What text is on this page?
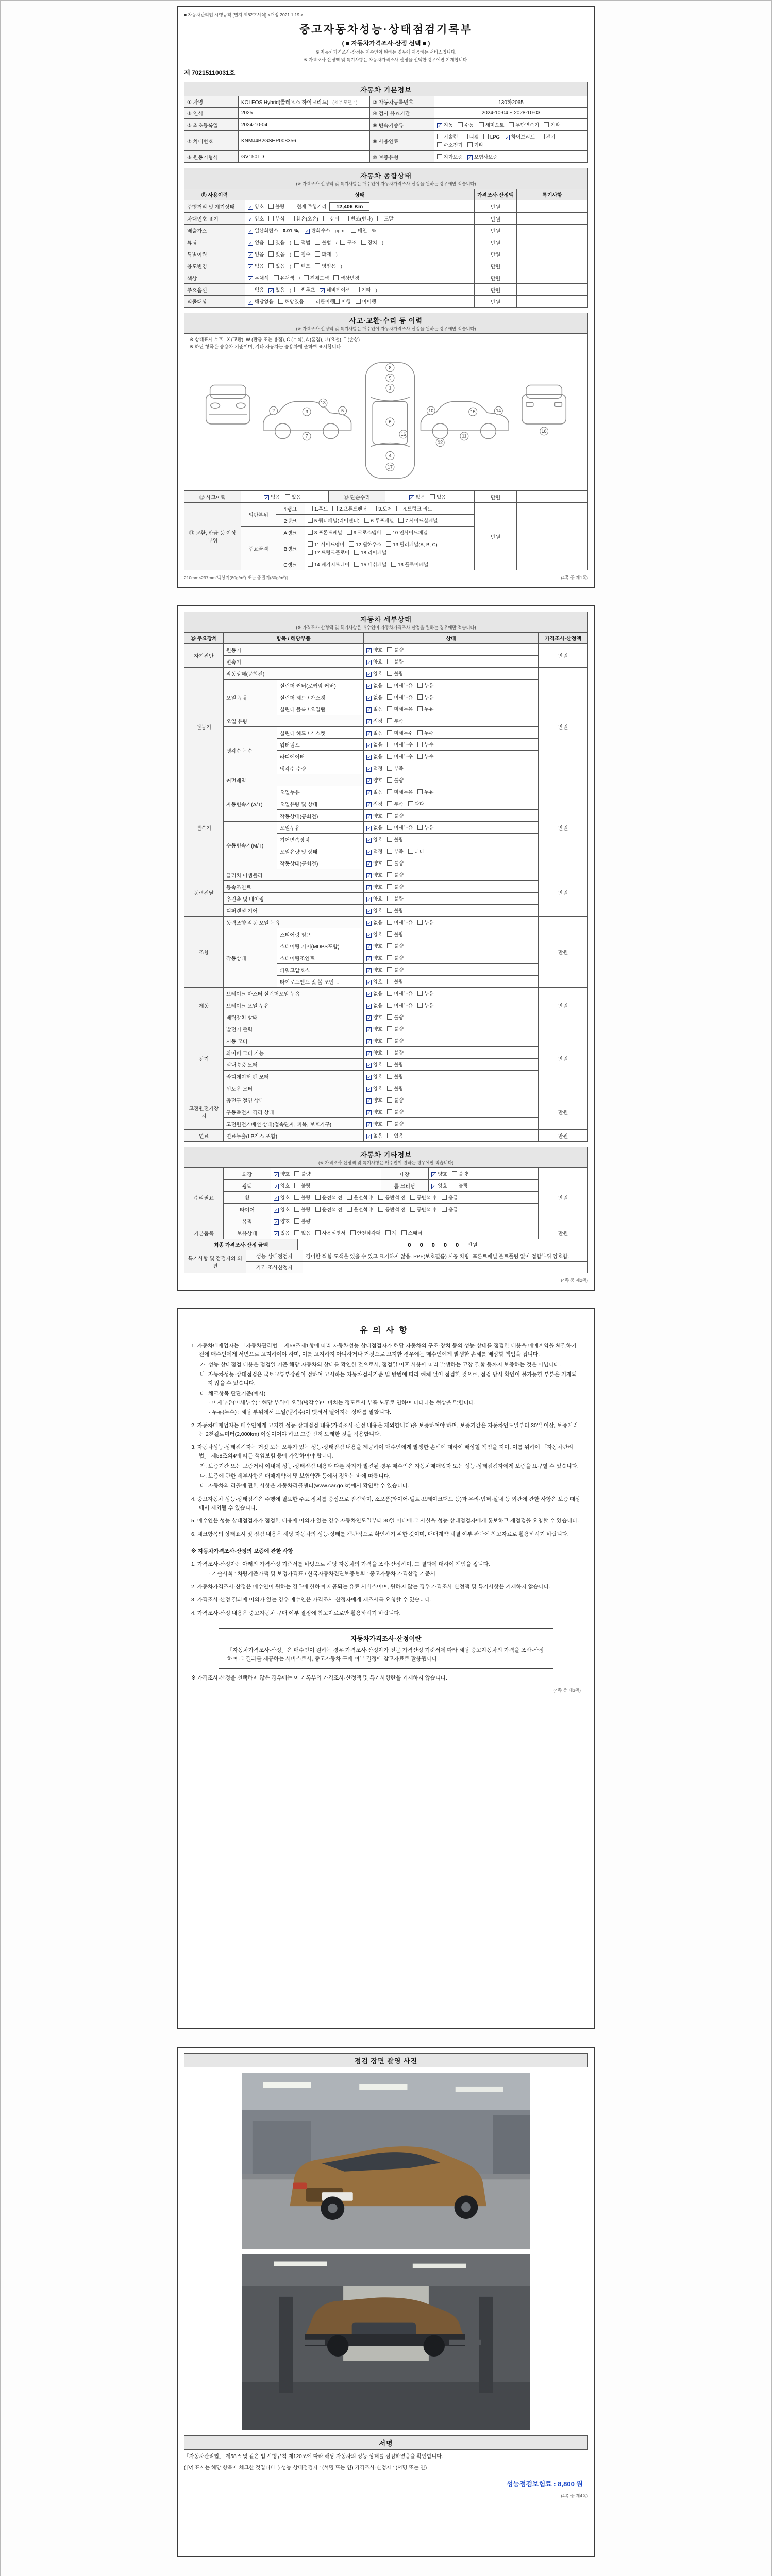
■ 자동차관리법 시행규칙 [별지 제82호서식] <개정 2021.1.19.>
중고자동차성능·상태점검기록부
( ■ 자동차가격조사·산정 선택 ■ )
※ 자동차가격조사·산정은 매수인이 원하는 경우에 제공하는 서비스입니다.
※ 가격조사·산정액 및 특기사항은 자동차가격조사·산정을 선택한 경우에만 기재합니다.
제 70215110031호
자동차 기본정보
① 차명	KOLEOS Hybrid(콜레오스 하이브리드) (세부모델 : )	② 자동차등록번호	130하2065
③ 연식	2025	④ 검사 유효기간	2024-10-04 ~ 2028-10-03
⑤ 최초등록일	2024-10-04	⑥ 변속기종류	✓ 자동 수동 세미오토 무단변속기 기타
⑦ 차대번호	KNMJ4B2GSHP008356	⑧ 사용연료	가솔린 디젤 LPG ✓ 하이브리드 전기수소전기 기타
⑨ 원동기형식	GV150TD	⑩ 보증유형	자가보증 ✓ 보험사보증
자동차 종합상태
(※ 가격조사·산정액 및 특기사항은 매수인이 자동차가격조사·산정을 원하는 경우에만 적습니다)
⑪ 사용이력	상태	가격조사·산정액	특기사항
주행거리 및 계기상태	✓ 양호 불량 현재 주행거리 12,406 Km	만원	
차대번호 표기	✓ 양호 부식 훼손(오손) 상이 변조(변타) 도말	만원	
배출가스	✓ 일산화탄소 0.01 %, ✓ 탄화수소 ppm, 매연 %	만원	
튜닝	✓ 없음 있음 ( 적법 불법 / 구조 장치 )	만원	
특별이력	✓ 없음 있음 ( 침수 화재 )	만원	
용도변경	✓ 없음 있음 ( 렌트 영업용 )	만원	
색상	✓ 무채색 유채색 / 전체도색 색상변경	만원	
주요옵션	없음 ✓ 있음 ( 썬루프 ✓ 네비게이션 기타 )	만원	
리콜대상	✓ 해당없음 해당있음 리콜이행 이행 미이행	만원	
사고·교환·수리 등 이력
(※ 가격조사·산정액 및 특기사항은 매수인이 자동차가격조사·산정을 원하는 경우에만 적습니다)
※ 상태표시 부호 : X (교환), W (판금 또는 용접), C (부식), A (흠집), U (요철), T (손상)
※ 하단 항목은 승용차 기준이며, 기타 자동차는 승용차에 준하여 표시합니다.
8
9
1
6
16
4
17
2	3	5
7
13
10
12
11
15	14
18
⑫ 사고이력	✓ 없음 있음	⑬ 단순수리	✓ 없음 있음	만원	
⑭ 교환, 판금 등 이상 부위	외판부위	1랭크	1.후드 2.프론트펜더 3.도어 4.트렁크 리드	만원	
		2랭크	5.쿼터패널(리어펜더) 6.루프패널 7.사이드실패널		
	주요골격	A랭크	8.프론트패널 9.크로스멤버 10.인사이드패널		
		B랭크	11.사이드멤버 12.휠하우스 13.필러패널(A, B, C)17.트렁크플로어 18.리어패널		
		C랭크	14.패키지트레이 15.대쉬패널 16.플로어패널		
210mm×297mm[백상지(80g/m²) 또는 중질지(80g/m²)]	(4쪽 중 제1쪽)
자동차 세부상태
(※ 가격조사·산정액 및 특기사항은 매수인이 자동차가격조사·산정을 원하는 경우에만 적습니다)
⑮ 주요장치	항목 / 해당부품		상태	가격조사·산정액
자기진단	원동기		✓ 양호 불량	만원
	변속기		✓ 양호 불량	
원동기	작동상태(공회전)		✓ 양호 불량	만원
	오일 누유	실린더 커버(로커암 커버)	✓ 없음 미세누유 누유	
		실린더 헤드 / 가스켓	✓ 없음 미세누유 누유	
		실린더 블록 / 오일팬	✓ 없음 미세누유 누유	
	오일 유량		✓ 적정 부족	
	냉각수 누수	실린더 헤드 / 가스켓	✓ 없음 미세누수 누수	
		워터펌프	✓ 없음 미세누수 누수	
		라디에이터	✓ 없음 미세누수 누수	
		냉각수 수량	✓ 적정 부족	
	커먼레일		✓ 양호 불량	
변속기	자동변속기(A/T)	오일누유	✓ 없음 미세누유 누유	만원
		오일유량 및 상태	✓ 적정 부족 과다	
		작동상태(공회전)	✓ 양호 불량	
	수동변속기(M/T)	오일누유	✓ 없음 미세누유 누유	
		기어변속장치	✓ 양호 불량	
		오일유량 및 상태	✓ 적정 부족 과다	
		작동상태(공회전)	✓ 양호 불량	
동력전달	클러치 어셈블리		✓ 양호 불량	만원
	등속조인트		✓ 양호 불량	
	추진축 및 베어링		✓ 양호 불량	
	디퍼렌셜 기어		✓ 양호 불량	
조향	동력조향 작동 오일 누유		✓ 없음 미세누유 누유	만원
	작동상태	스티어링 펌프	✓ 양호 불량	
		스티어링 기어(MDPS포함)	✓ 양호 불량	
		스티어링조인트	✓ 양호 불량	
		파워고압호스	✓ 양호 불량	
		타이로드엔드 및 볼 조인트	✓ 양호 불량	
제동	브레이크 마스터 실린더오일 누유		✓ 없음 미세누유 누유	만원
	브레이크 오일 누유		✓ 없음 미세누유 누유	
	배력장치 상태		✓ 양호 불량	
전기	발전기 출력		✓ 양호 불량	만원
	시동 모터		✓ 양호 불량	
	와이퍼 모터 기능		✓ 양호 불량	
	실내송풍 모터		✓ 양호 불량	
	라디에이터 팬 모터		✓ 양호 불량	
	윈도우 모터		✓ 양호 불량	
고전원전기장치	충전구 절연 상태		✓ 양호 불량	만원
	구동축전지 격리 상태		✓ 양호 불량	
	고전원전기배선 상태(접속단자, 피복, 보호기구)		✓ 양호 불량	
연료	연료누출(LP가스 포함)		✓ 없음 있음	만원
자동차 기타정보
(※ 가격조사·산정액 및 특기사항은 매수인이 원하는 경우에만 적습니다)
수리필요	외장	✓ 양호 불량	내장	✓ 양호 불량	만원
	광택	✓ 양호 불량	룸 크리닝	✓ 양호 불량	
	휠	✓ 양호 불량 운전석 전 운전석 후 동반석 전 동반석 후 응급			
	타이어	✓ 양호 불량 운전석 전 운전석 후 동반석 전 동반석 후 응급			
	유리	✓ 양호 불량			
기본품목	보유상태	✓ 있음 없음 사용설명서 안전삼각대 잭 스패너			만원
최종 가격조사·산정 금액	0 0 0 0 0 만원
특기사항 및 점검자의 의견	성능·상태점검자	경미한 찍힘·도색은 있을 수 있고 표기하지 않음. PPF(보호필름) 시공 차량. 프론트패널 볼트풀림 없이 접합부위 양호함.
	가격·조사산정자	
(4쪽 중 제2쪽)
유의사항
1. 자동차매매업자는 「자동차관리법」 제58조제1항에 따라 자동차성능·상태점검자가 해당 자동차의 구조·장치 등의 성능·상태를 점검한 내용을 매매계약을 체결하기 전에 매수인에게 서면으로 고지하여야 하며, 이를 고지하지 아니하거나 거짓으로 고지한 경우에는 매수인에게 발생한 손해를 배상할 책임을 집니다.
가. 성능·상태점검 내용은 점검일 기준 해당 자동차의 상태를 확인한 것으로서, 점검일 이후 사용에 따라 발생하는 고장·결함 등까지 보증하는 것은 아닙니다.
나. 자동차성능·상태점검은 국토교통부장관이 정하여 고시하는 자동차검사기준 및 방법에 따라 해체 없이 점검한 것으로, 점검 당시 확인이 불가능한 부분은 기재되지 않을 수 있습니다.
다. 체크항목 판단기준(예시)
· 미세누유(미세누수) : 해당 부위에 오일(냉각수)이 비치는 정도로서 부품 노후로 인하여 나타나는 현상을 말합니다.
· 누유(누수) : 해당 부위에서 오일(냉각수)이 맺혀서 떨어지는 상태를 말합니다.
2. 자동차매매업자는 매수인에게 고지한 성능·상태점검 내용(가격조사·산정 내용은 제외합니다)을 보증하여야 하며, 보증기간은 자동차인도일부터 30일 이상, 보증거리는 2천킬로미터(2,000km) 이상이어야 하고 그중 먼저 도래한 것을 적용합니다.
3. 자동차성능·상태점검자는 거짓 또는 오류가 있는 성능·상태점검 내용을 제공하여 매수인에게 발생한 손해에 대하여 배상할 책임을 지며, 이를 위하여 「자동차관리법」 제58조의4에 따른 책임보험 등에 가입하여야 합니다.
가. 보증기간 또는 보증거리 이내에 성능·상태점검 내용과 다른 하자가 발견된 경우 매수인은 자동차매매업자 또는 성능·상태점검자에게 보증을 요구할 수 있습니다.
나. 보증에 관한 세부사항은 매매계약서 및 보험약관 등에서 정하는 바에 따릅니다.
다. 자동차의 리콜에 관한 사항은 자동차리콜센터(www.car.go.kr)에서 확인할 수 있습니다.
4. 중고자동차 성능·상태점검은 주행에 필요한 주요 장치를 중심으로 점검하며, 소모품(타이어·벨트·브레이크패드 등)과 유리·범퍼·실내 등 외관에 관한 사항은 보증 대상에서 제외될 수 있습니다.
5. 매수인은 성능·상태점검자가 점검한 내용에 이의가 있는 경우 자동차인도일부터 30일 이내에 그 사실을 성능·상태점검자에게 통보하고 재점검을 요청할 수 있습니다.
6. 체크항목의 상태표시 및 점검 내용은 해당 자동차의 성능·상태를 객관적으로 확인하기 위한 것이며, 매매계약 체결 여부 판단에 참고자료로 활용하시기 바랍니다.
※ 자동차가격조사·산정의 보증에 관한 사항
1. 가격조사·산정자는 아래의 가격산정 기준서를 바탕으로 해당 자동차의 가격을 조사·산정하며, 그 결과에 대하여 책임을 집니다.
· 기술사회 : 차량기준가액 및 보정가격표 / 한국자동차진단보증협회 : 중고자동차 가격산정 기준서
2. 자동차가격조사·산정은 매수인이 원하는 경우에 한하여 제공되는 유료 서비스이며, 원하지 않는 경우 가격조사·산정액 및 특기사항은 기재하지 않습니다.
3. 가격조사·산정 결과에 이의가 있는 경우 매수인은 가격조사·산정자에게 재조사를 요청할 수 있습니다.
4. 가격조사·산정 내용은 중고자동차 구매 여부 결정에 참고자료로만 활용하시기 바랍니다.
자동차가격조사·산정이란
「자동차가격조사·산정」은 매수인이 원하는 경우 가격조사·산정자가 전문 가격산정 기준서에 따라 해당 중고자동차의 가격을 조사·산정하여 그 결과를 제공하는 서비스로서, 중고자동차 구매 여부 결정에 참고자료로 활용됩니다.
※ 가격조사·산정을 선택하지 않은 경우에는 이 기록부의 가격조사·산정액 및 특기사항란을 기재하지 않습니다.
(4쪽 중 제3쪽)
점검 장면 촬영 사진
서명
「자동차관리법」 제58조 및 같은 법 시행규칙 제120조에 따라 해당 자동차의 성능·상태를 점검하였음을 확인합니다.
( [V] 표시는 해당 항목에 체크한 것입니다. ) 성능·상태점검자 : (서명 또는 인) 가격조사·산정자 : (서명 또는 인)
성능점검보험료 : 8,800 원
(4쪽 중 제4쪽)
